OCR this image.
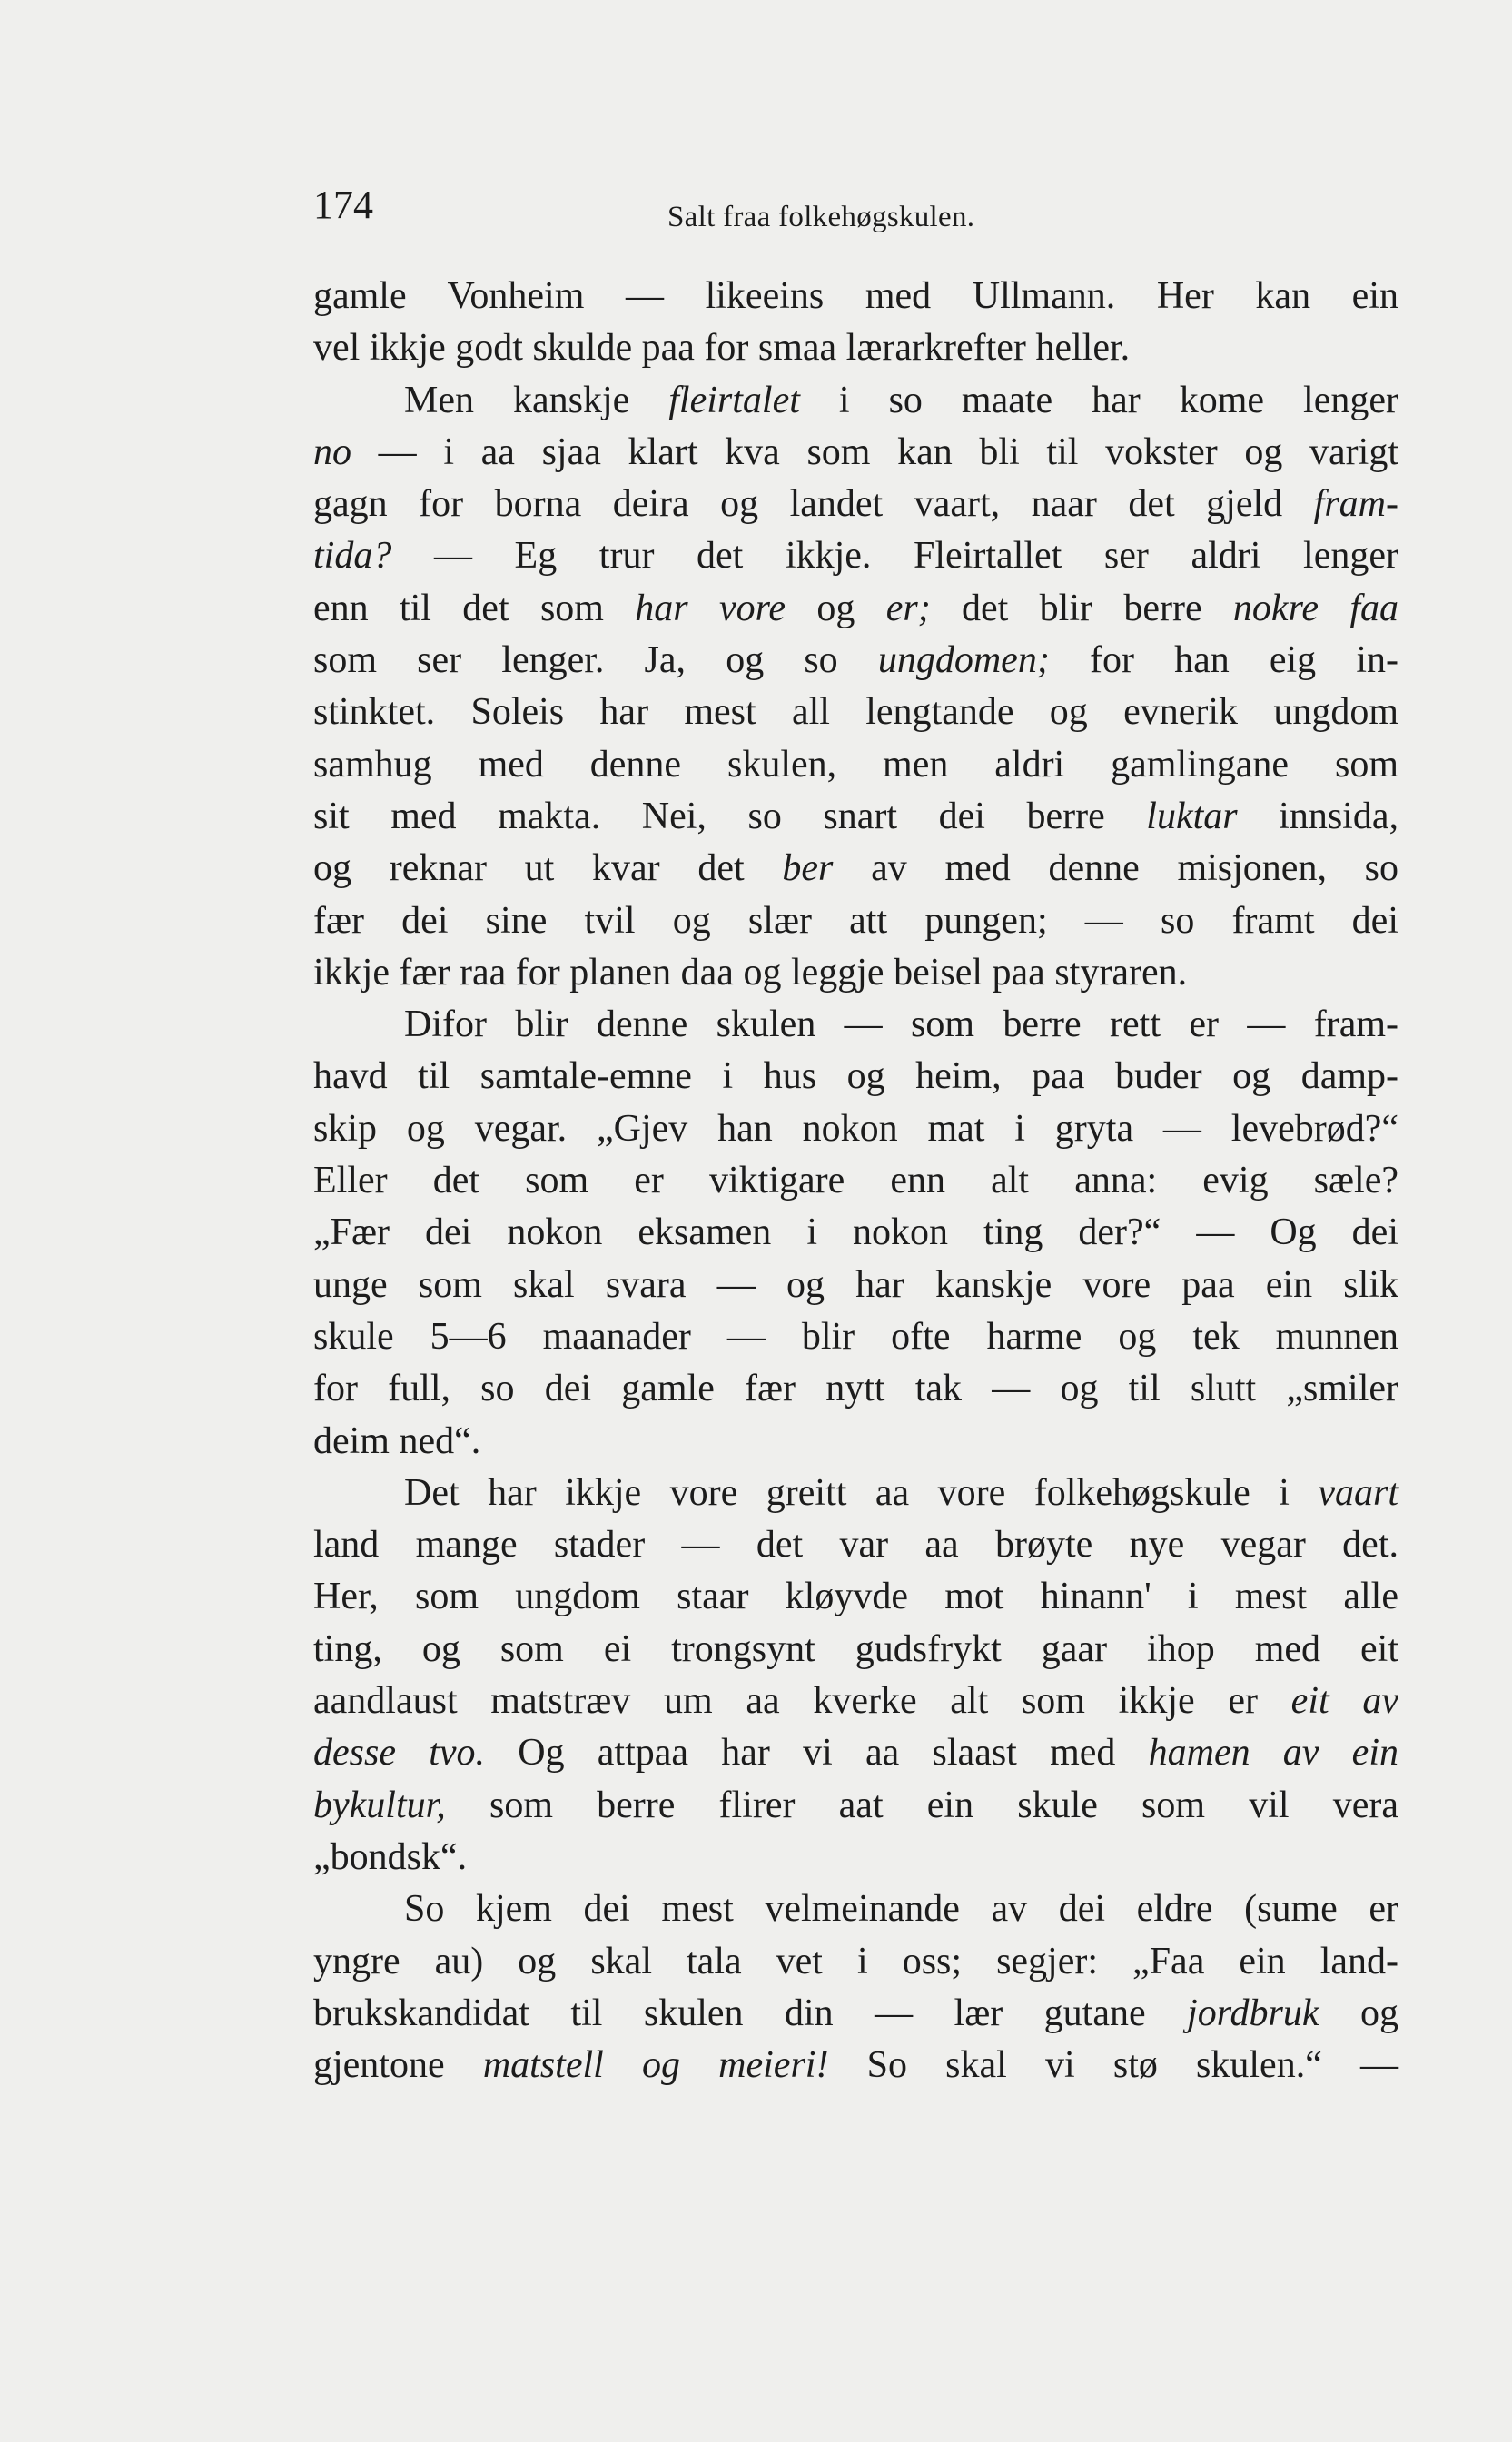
174	Salt fraa folkehøgskulen.
gamle Vonheim — likeeins med Ullmann. Her kan ein
vel ikkje godt skulde paa for smaa lærarkrefter heller.
Men kanskje fleirtalet i so maate har kome lenger
no — i aa sjaa klart kva som kan bli til vokster og varigt
gagn for borna deira og landet vaart, naar det gjeld fram-
tida? — Eg trur det ikkje. Fleirtallet ser aldri lenger
enn til det som har vore og er; det blir berre nokre faa
som ser lenger. Ja, og so ungdomen; for han eig in-
stinktet. Soleis har mest all lengtande og evnerik ungdom
samhug med denne skulen, men aldri gamlingane som
sit med makta. Nei, so snart dei berre luktar innsida,
og reknar ut kvar det ber av med denne misjonen, so
fær dei sine tvil og slær att pungen; — so framt dei
ikkje fær raa for planen daa og leggje beisel paa styraren.
Difor blir denne skulen — som berre rett er — fram-
havd til samtale-emne i hus og heim, paa buder og damp-
skip og vegar. „Gjev han nokon mat i gryta — levebrød?“
Eller det som er viktigare enn alt anna: evig sæle?
„Fær dei nokon eksamen i nokon ting der?“ — Og dei
unge som skal svara — og har kanskje vore paa ein slik
skule 5—6 maanader — blir ofte harme og tek munnen
for full, so dei gamle fær nytt tak — og til slutt „smiler
deim ned“.
Det har ikkje vore greitt aa vore folkehøgskule i vaart
land mange stader — det var aa brøyte nye vegar det.
Her, som ungdom staar kløyvde mot hinann' i mest alle
ting, og som ei trongsynt gudsfrykt gaar ihop med eit
aandlaust matstræv um aa kverke alt som ikkje er eit av
desse tvo. Og attpaa har vi aa slaast med hamen av ein
bykultur, som berre flirer aat ein skule som vil vera
„bondsk“.
So kjem dei mest velmeinande av dei eldre (sume er
yngre au) og skal tala vet i oss; segjer: „Faa ein land-
brukskandidat til skulen din — lær gutane jordbruk og
gjentone matstell og meieri! So skal vi stø skulen.“ —
